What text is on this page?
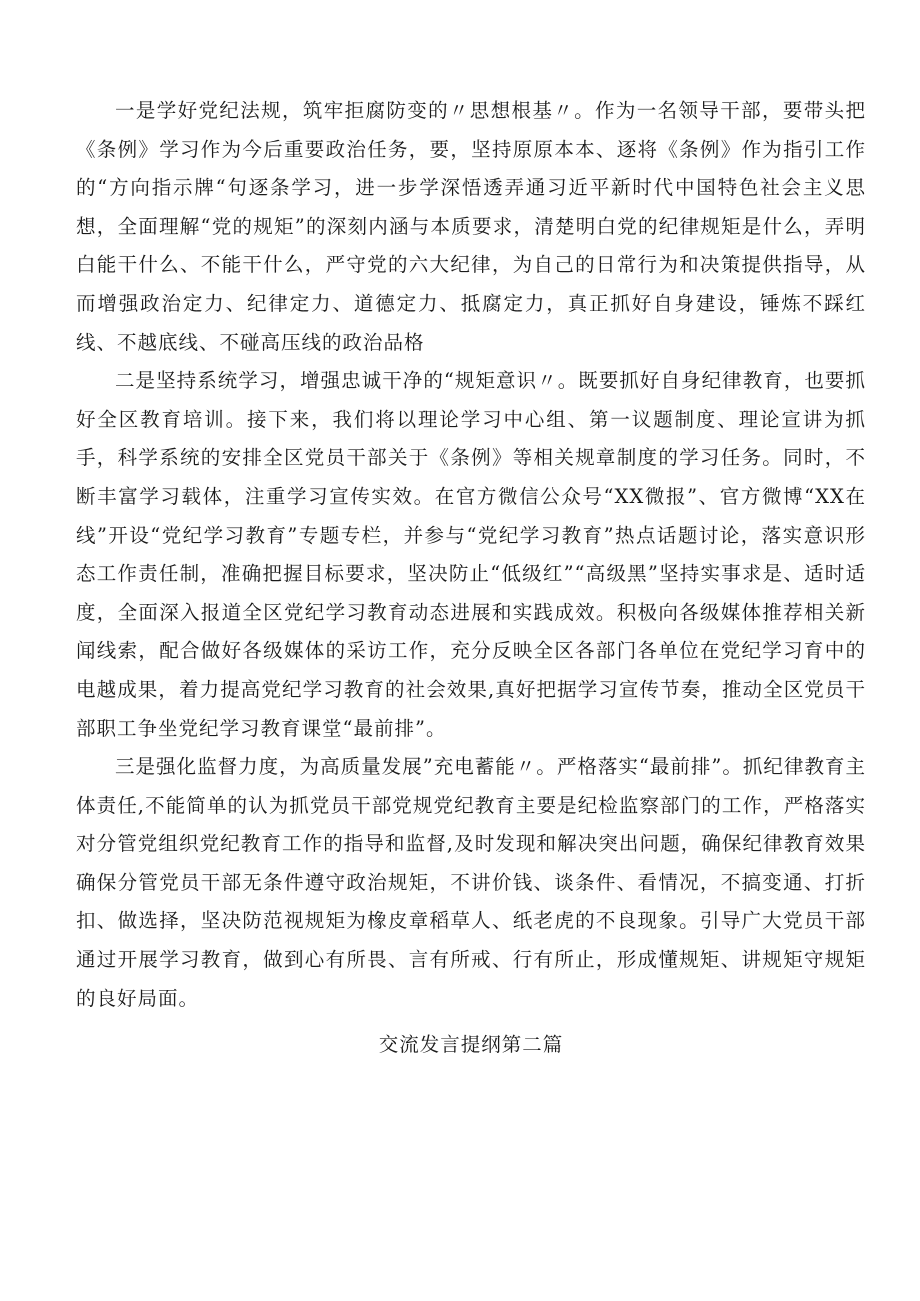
一是学好党纪法规，筑牢拒腐防变的〃思想根基〃。作为一名领导干部，要带头把《条例》学习作为今后重要政治任务，要，坚持原原本本、逐将《条例》作为指引工作的“方向指示牌“句逐条学习，进一步学深悟透弄通习近平新时代中国特色社会主义思想，全面理解“党的规矩”的深刻内涵与本质要求，清楚明白党的纪律规矩是什么，弄明白能干什么、不能干什么，严守党的六大纪律，为自己的日常行为和决策提供指导，从而增强政治定力、纪律定力、道德定力、抵腐定力，真正抓好自身建设，锤炼不踩红线、不越底线、不碰高压线的政治品格

二是坚持系统学习，增强忠诚干净的“规矩意识〃。既要抓好自身纪律教育，也要抓好全区教育培训。接下来，我们将以理论学习中心组、第一议题制度、理论宣讲为抓手，科学系统的安排全区党员干部关于《条例》等相关规章制度的学习任务。同时，不断丰富学习载体，注重学习宣传实效。在官方微信公众号“XX微报”、官方微博“XX在线”开设“党纪学习教育”专题专栏，并参与“党纪学习教育”热点话题讨论，落实意识形态工作责任制，准确把握目标要求，坚决防止“低级红”“高级黑”坚持实事求是、适时适度，全面深入报道全区党纪学习教育动态进展和实践成效。积极向各级媒体推荐相关新闻线索，配合做好各级媒体的采访工作，充分反映全区各部门各单位在党纪学习育中的电越成果，着力提高党纪学习教育的社会效果,真好把据学习宣传节奏，推动全区党员干部职工争坐党纪学习教育课堂“最前排”。

三是强化监督力度，为高质量发展”充电蓄能〃。严格落实“最前排”。抓纪律教育主体责任,不能简单的认为抓党员干部党规党纪教育主要是纪检监察部门的工作，严格落实对分管党组织党纪教育工作的指导和监督,及时发现和解决突出问题，确保纪律教育效果确保分管党员干部无条件遵守政治规矩，不讲价钱、谈条件、看情况，不搞变通、打折扣、做选择，坚决防范视规矩为橡皮章稻草人、纸老虎的不良现象。引导广大党员干部通过开展学习教育，做到心有所畏、言有所戒、行有所止，形成懂规矩、讲规矩守规矩的良好局面。

交流发言提纲第二篇
